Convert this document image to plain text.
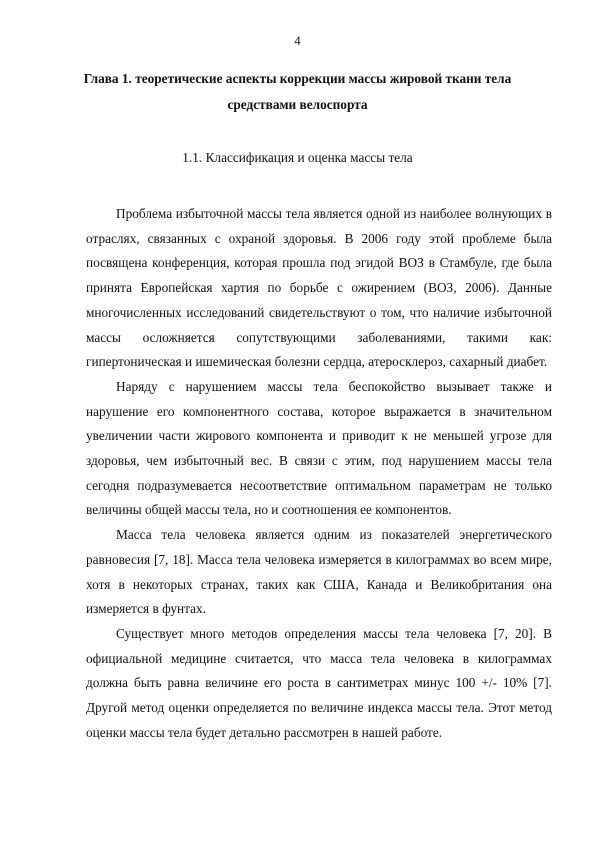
4
Глава 1. теоретические аспекты коррекции массы жировой ткани тела средствами велоспорта
1.1. Классификация и оценка массы тела

Проблема избыточной массы тела является одной из наиболее волнующих в отраслях, связанных с охраной здоровья. В 2006 году этой проблеме была посвящена конференция, которая прошла под эгидой ВОЗ в Стамбуле, где была принята Европейская хартия по борьбе с ожирением (ВОЗ, 2006). Данные многочисленных исследований свидетельствуют о том, что наличие избыточной массы осложняется сопутствующими заболеваниями, такими как: гипертоническая и ишемическая болезни сердца, атеросклероз, сахарный диабет.

Наряду с нарушением массы тела беспокойство вызывает также и нарушение его компонентного состава, которое выражается в значительном увеличении части жирового компонента и приводит к не меньшей угрозе для здоровья, чем избыточный вес. В связи с этим, под нарушением массы тела сегодня подразумевается несоответствие оптимальном параметрам не только величины общей массы тела, но и соотношения ее компонентов.

Масса тела человека является одним из показателей энергетического равновесия [7, 18]. Масса тела человека измеряется в килограммах во всем мире, хотя в некоторых странах, таких как США, Канада и Великобритания она измеряется в фунтах.

Существует много методов определения массы тела человека [7, 20]. В официальной медицине считается, что масса тела человека в килограммах должна быть равна величине его роста в сантиметрах минус 100 +/- 10% [7]. Другой метод оценки определяется по величине индекса массы тела. Этот метод оценки массы тела будет детально рассмотрен в нашей работе.
